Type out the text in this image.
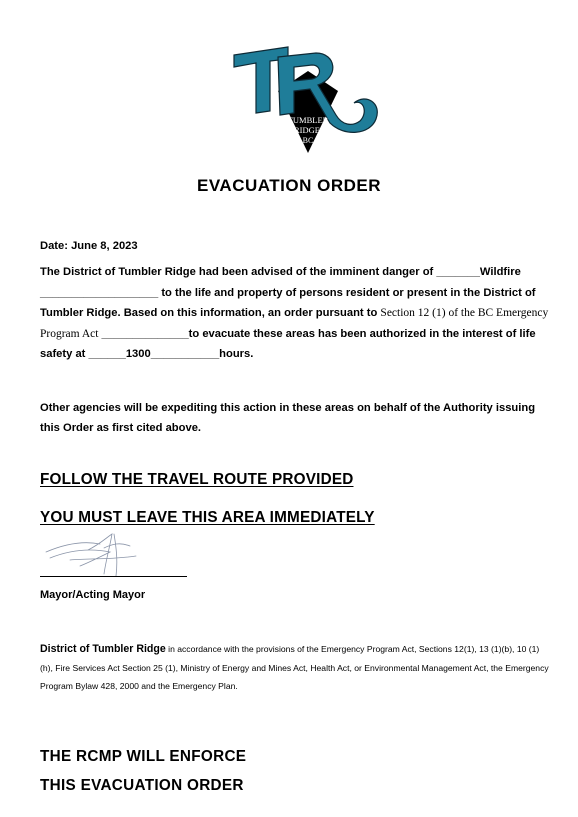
TUMBLER
RIDGE,
BC
EVACUATION ORDER
Date: June 8, 2023
The District of Tumbler Ridge had been advised of the imminent danger of _______Wildfire ___________________ to the life and property of persons resident or present in the District of Tumbler Ridge. Based on this information, an order pursuant to Section 12 (1) of the BC Emergency Program Act ______________to evacuate these areas has been authorized in the interest of life safety at ______1300___________hours.
Other agencies will be expediting this action in these areas on behalf of the Authority issuing this Order as first cited above.
FOLLOW THE TRAVEL ROUTE PROVIDED
YOU MUST LEAVE THIS AREA IMMEDIATELY
Mayor/Acting Mayor
District of Tumbler Ridge in accordance with the provisions of the Emergency Program Act, Sections 12(1), 13 (1)(b), 10 (1) (h), Fire Services Act Section 25 (1), Ministry of Energy and Mines Act, Health Act, or Environmental Management Act, the Emergency Program Bylaw 428, 2000 and the Emergency Plan.
THE RCMP WILL ENFORCE
THIS EVACUATION ORDER
